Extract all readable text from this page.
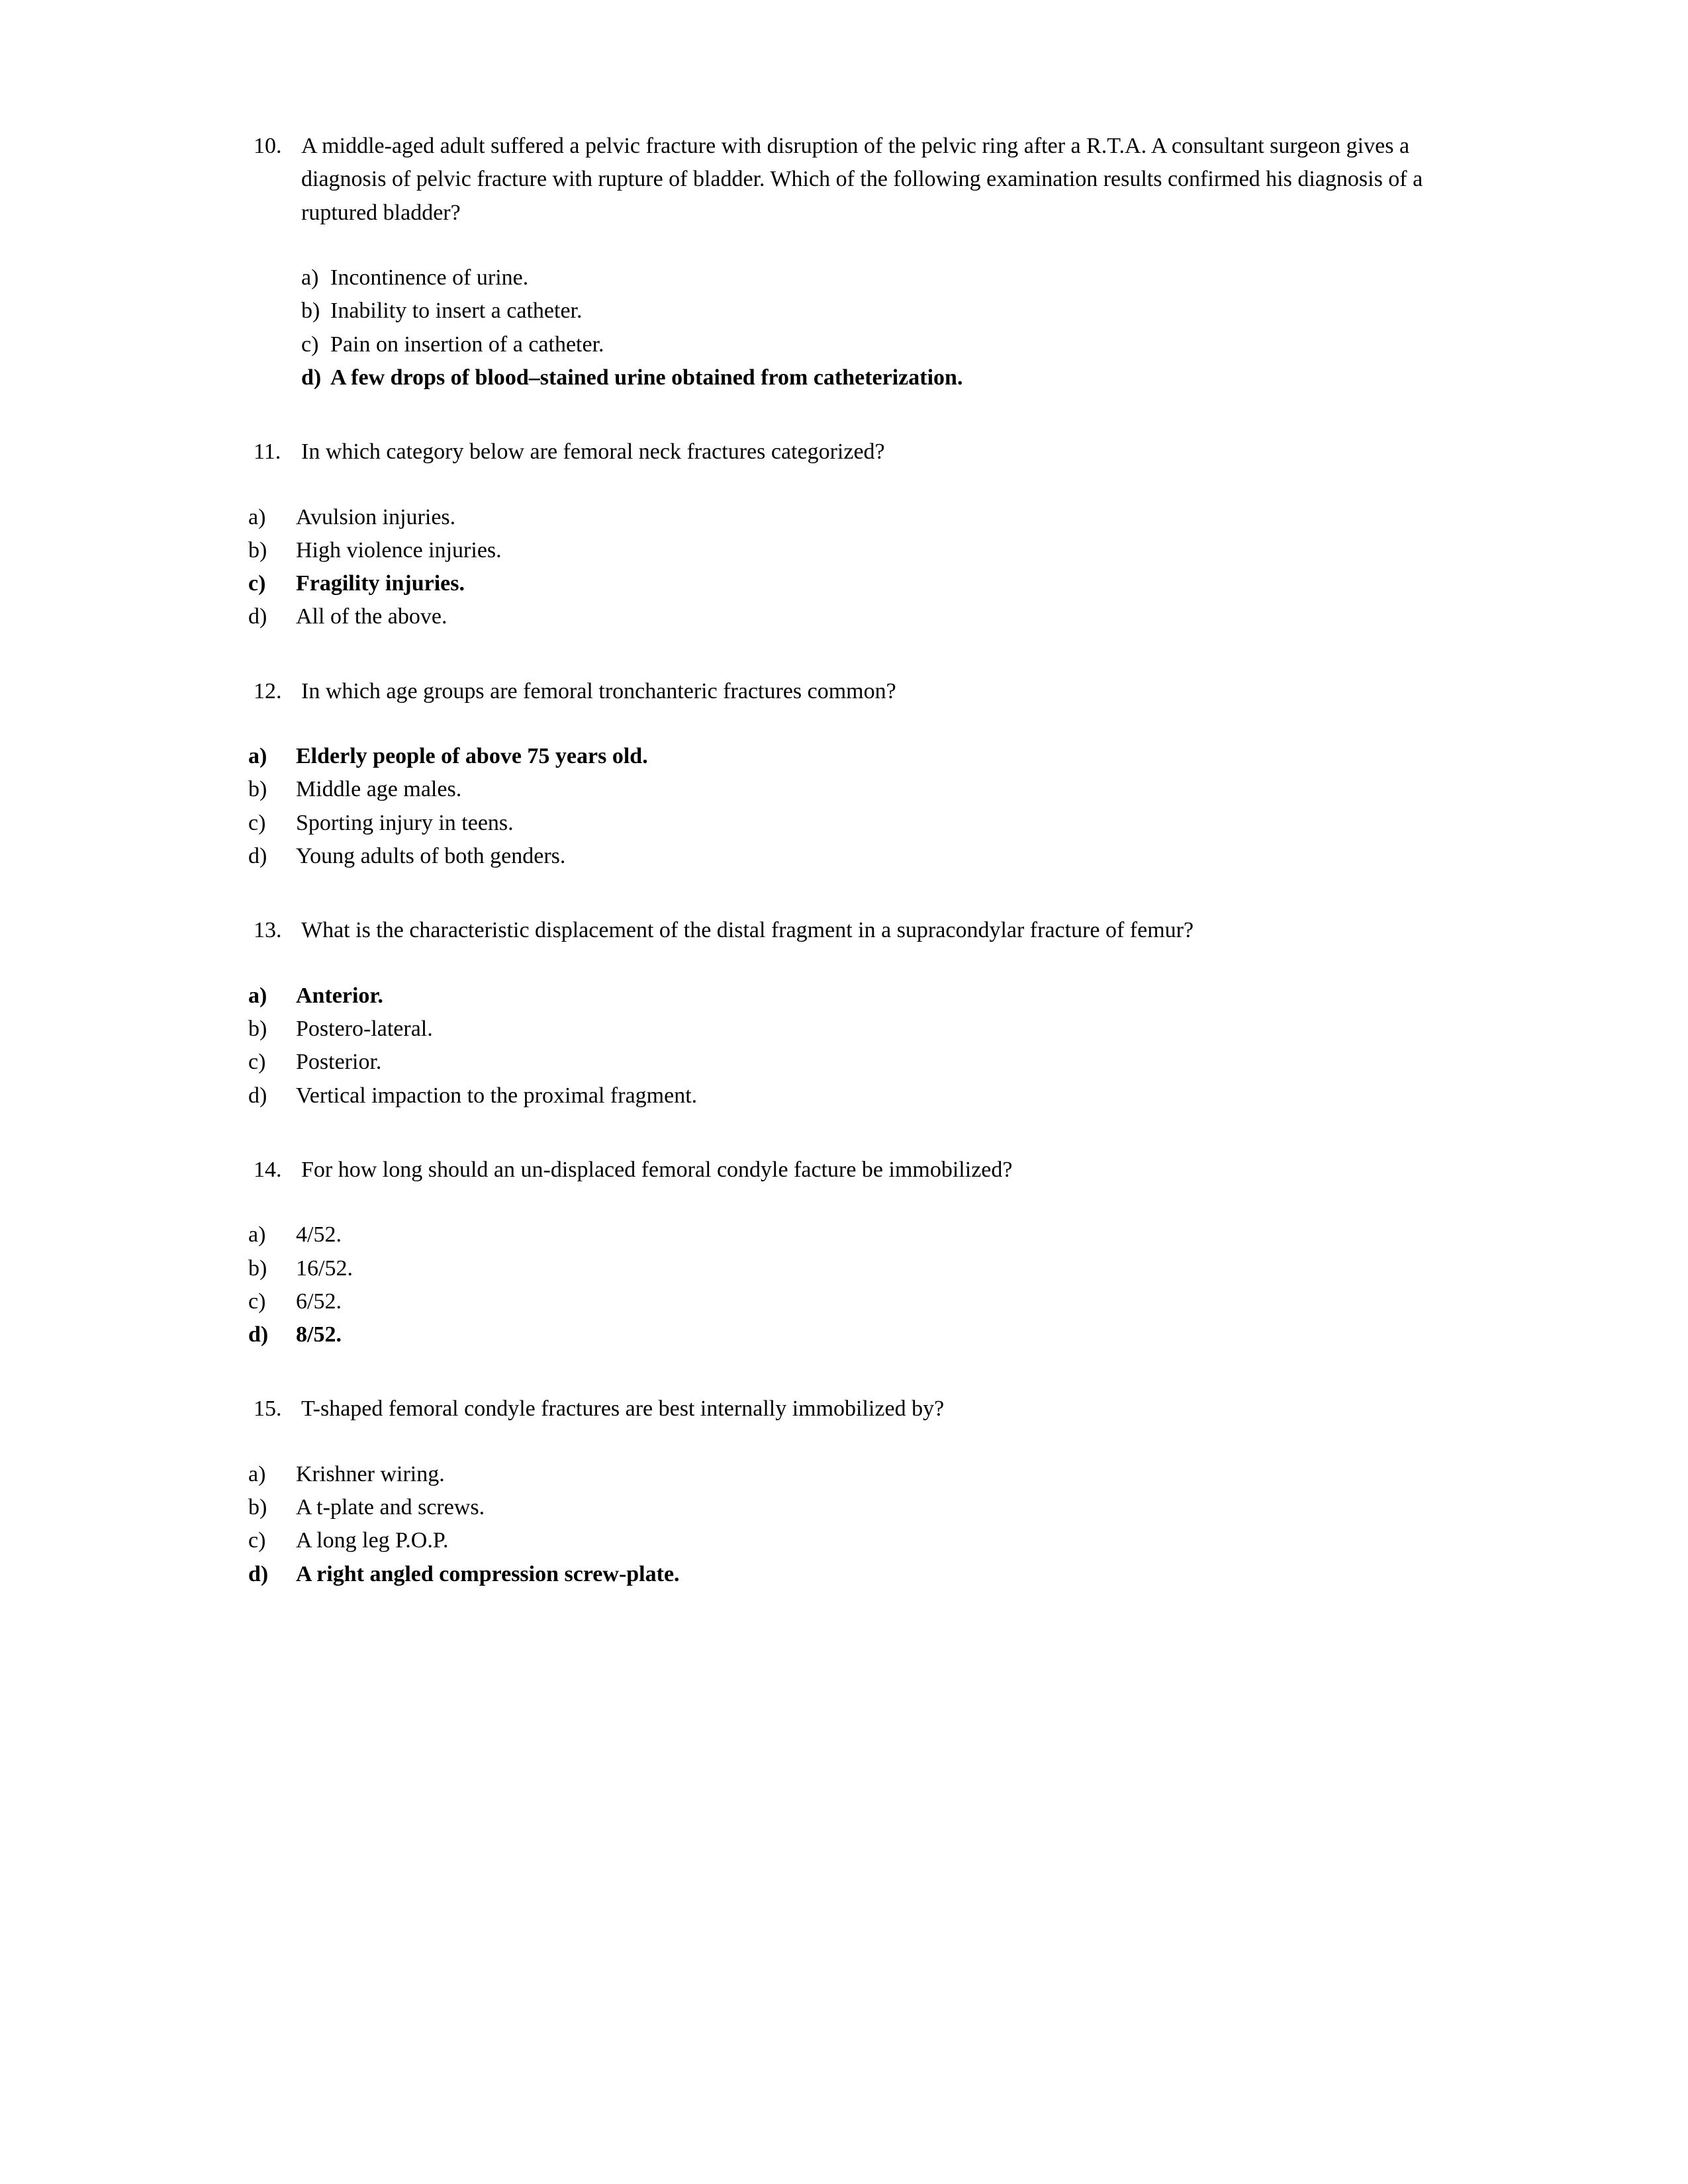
10. A middle-aged adult suffered a pelvic fracture with disruption of the pelvic ring after a R.T.A. A consultant surgeon gives a diagnosis of pelvic fracture with rupture of bladder. Which of the following examination results confirmed his diagnosis of a ruptured bladder?

a) Incontinence of urine.
b) Inability to insert a catheter.
c) Pain on insertion of a catheter.
d) A few drops of blood–stained urine obtained from catheterization.

11. In which category below are femoral neck fractures categorized?

a) Avulsion injuries.
b) High violence injuries.
c) Fragility injuries.
d) All of the above.

12. In which age groups are femoral tronchanteric fractures common?

a) Elderly people of above 75 years old.
b) Middle age males.
c) Sporting injury in teens.
d) Young adults of both genders.

13. What is the characteristic displacement of the distal fragment in a supracondylar fracture of femur?

a) Anterior.
b) Postero-lateral.
c) Posterior.
d) Vertical impaction to the proximal fragment.

14. For how long should an un-displaced femoral condyle facture be immobilized?

a) 4/52.
b) 16/52.
c) 6/52.
d) 8/52.

15. T-shaped femoral condyle fractures are best internally immobilized by?

a) Krishner wiring.
b) A t-plate and screws.
c) A long leg P.O.P.
d) A right angled compression screw-plate.
